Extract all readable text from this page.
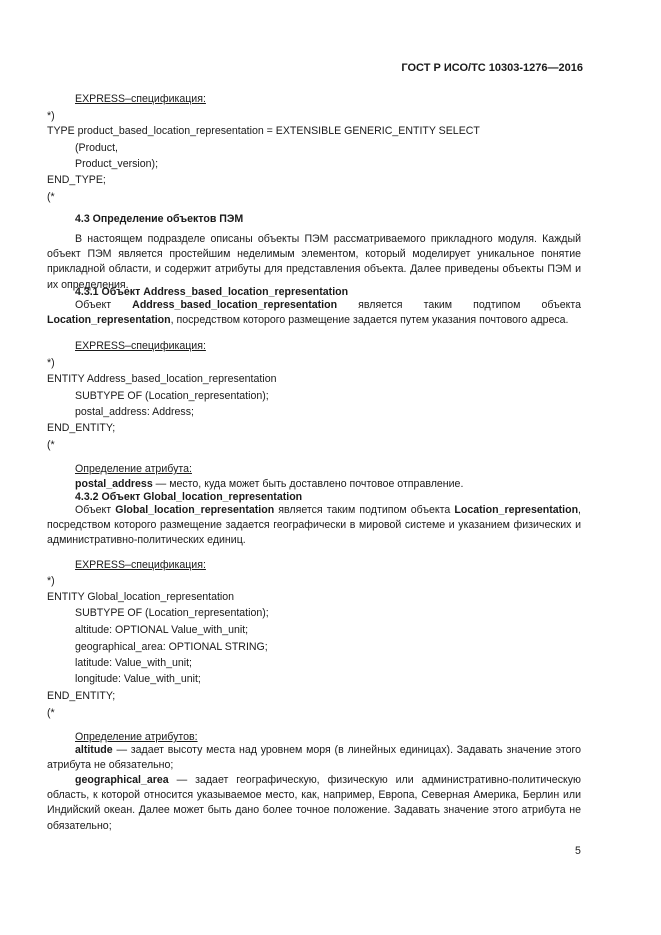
ГОСТ Р ИСО/ТС 10303-1276—2016
EXPRESS–спецификация:
*)
TYPE product_based_location_representation = EXTENSIBLE GENERIC_ENTITY SELECT
(Product,
Product_version);
END_TYPE;
(*
4.3 Определение объектов ПЭМ
В настоящем подразделе описаны объекты ПЭМ рассматриваемого прикладного модуля. Каждый объект ПЭМ является простейшим неделимым элементом, который моделирует уникальное понятие прикладной области, и содержит атрибуты для представления объекта. Далее приведены объекты ПЭМ и их определения.
4.3.1 Объект Address_based_location_representation
Объект Address_based_location_representation является таким подтипом объекта Location_representation, посредством которого размещение задается путем указания почтового адреса.
EXPRESS–спецификация:
*)
ENTITY Address_based_location_representation
SUBTYPE OF (Location_representation);
postal_address: Address;
END_ENTITY;
(*
Определение атрибута:
postal_address — место, куда может быть доставлено почтовое отправление.
4.3.2 Объект Global_location_representation
Объект Global_location_representation является таким подтипом объекта Location_representation, посредством которого размещение задается географически в мировой системе и указанием физических и административно-политических единиц.
EXPRESS–спецификация:
*)
ENTITY Global_location_representation
SUBTYPE OF (Location_representation);
altitude: OPTIONAL Value_with_unit;
geographical_area: OPTIONAL STRING;
latitude: Value_with_unit;
longitude: Value_with_unit;
END_ENTITY;
(*
Определение атрибутов:
altitude — задает высоту места над уровнем моря (в линейных единицах). Задавать значение этого атрибута не обязательно;
geographical_area — задает географическую, физическую или административно-политическую область, к которой относится указываемое место, как, например, Европа, Северная Америка, Берлин или Индийский океан. Далее может быть дано более точное положение. Задавать значение этого атрибута не обязательно;
5
